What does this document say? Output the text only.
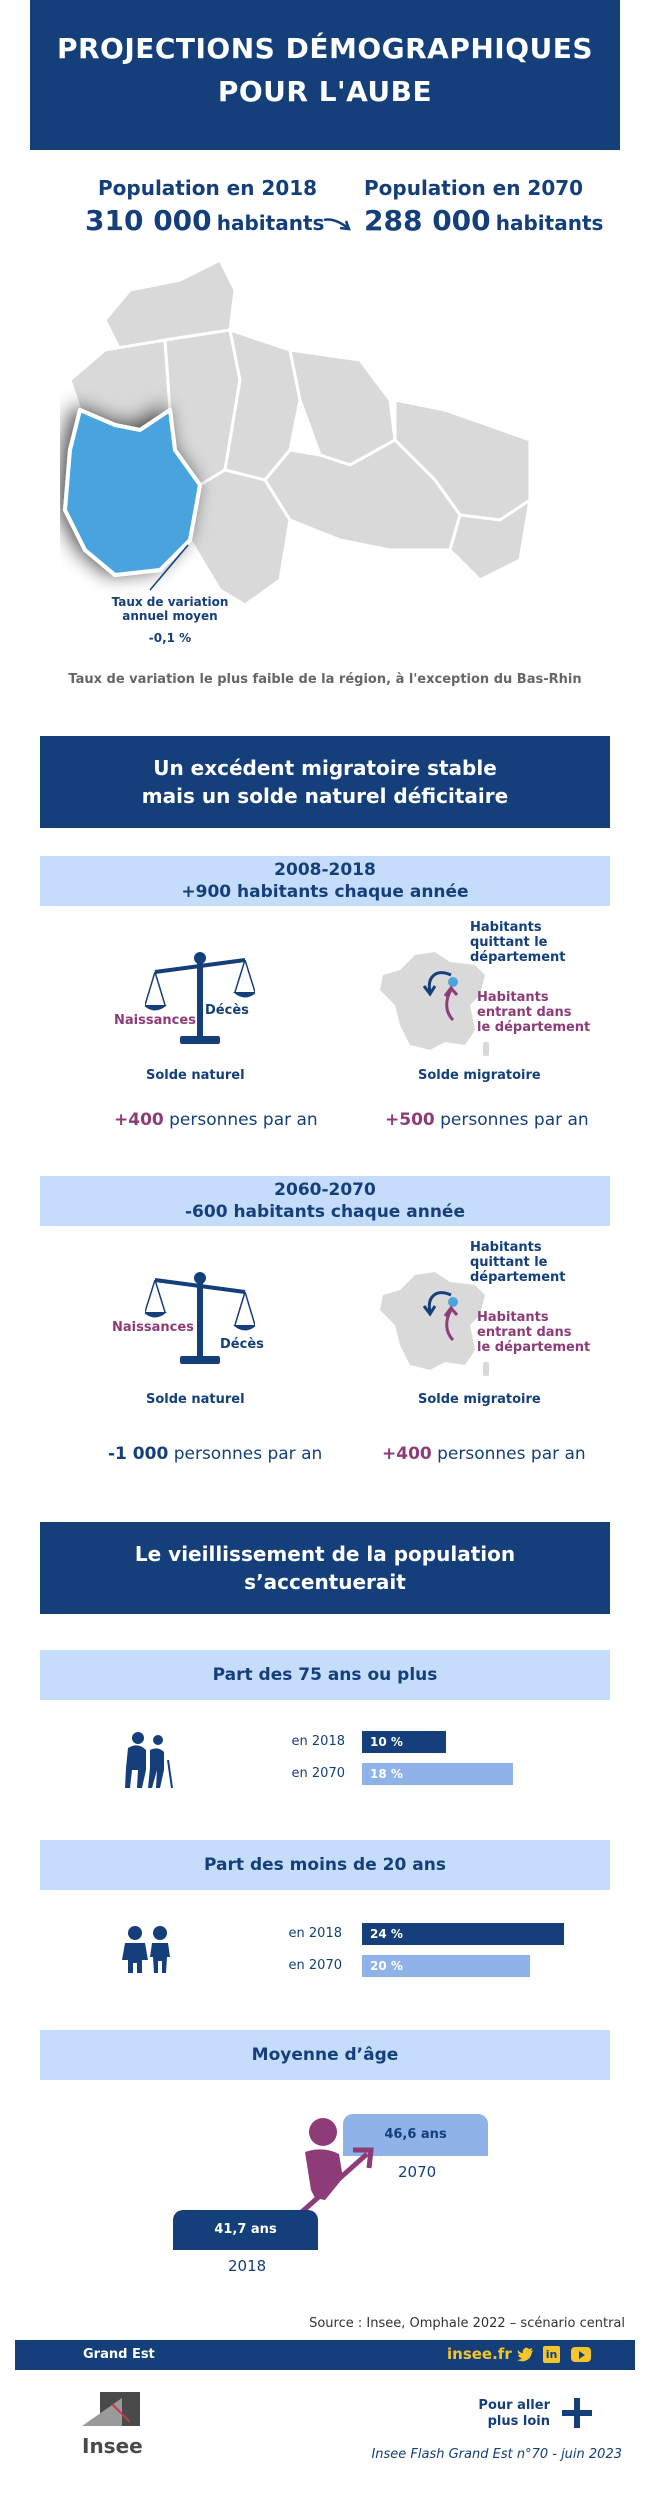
PROJECTIONS DÉMOGRAPHIQUES
POUR L'AUBE
Population en 2018
310 000 habitants
Population en 2070
288 000 habitants
Taux de variation
annuel moyen
-0,1 %
Taux de variation le plus faible de la région, à l'exception du Bas-Rhin
Un excédent migratoire stable
mais un solde naturel déficitaire
2008-2018
+900 habitants chaque année
Naissances
Décès
Solde naturel
+400 personnes par an
Habitants
quittant le
département
Habitants
entrant dans
le département
Solde migratoire
+500 personnes par an
2060-2070
-600 habitants chaque année
Naissances
Décès
Solde naturel
-1 000 personnes par an
Habitants
quittant le
département
Habitants
entrant dans
le département
Solde migratoire
+400 personnes par an
Le vieillissement de la population
s’accentuerait
Part des 75 ans ou plus
en 2018	10 %
en 2070	18 %
Part des moins de 20 ans
en 2018	24 %
en 2070	20 %
Moyenne d’âge
46,6 ans
2070
41,7 ans
2018
Source : Insee, Omphale 2022 – scénario central
Grand Est	insee.fr	in
Insee
Pour aller
plus loin
Insee Flash Grand Est n°70 - juin 2023
